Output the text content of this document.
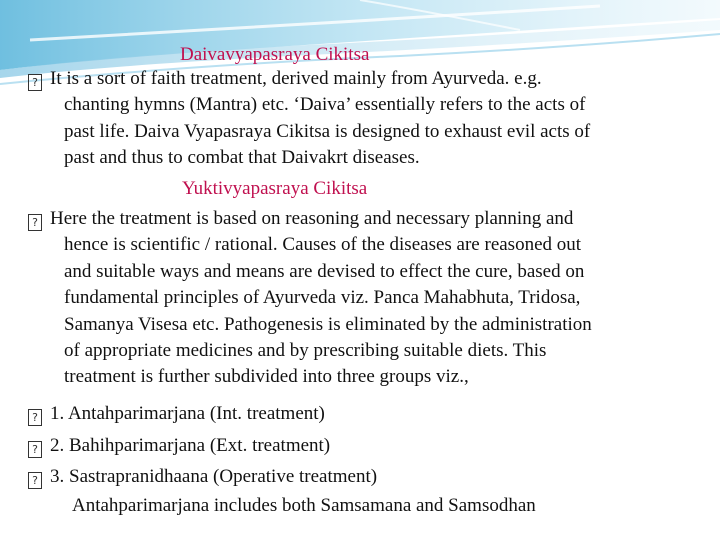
Daivavyapasraya Cikitsa
? It is a sort of faith treatment, derived mainly from Ayurveda. e.g.
chanting hymns (Mantra) etc. ‘Daiva’ essentially refers to the acts of
past life. Daiva Vyapasraya Cikitsa is designed to exhaust evil acts of
past and thus to combat that Daivakrt diseases.
Yuktivyapasraya Cikitsa
? Here the treatment is based on reasoning and necessary planning and
hence is scientific / rational. Causes of the diseases are reasoned out
and suitable ways and means are devised to effect the cure, based on
fundamental principles of Ayurveda viz. Panca Mahabhuta, Tridosa,
Samanya Visesa etc. Pathogenesis is eliminated by the administration
of appropriate medicines and by prescribing suitable diets. This
treatment is further subdivided into three groups viz.,
? 1. Antahparimarjana (Int. treatment)
? 2. Bahihparimarjana (Ext. treatment)
? 3. Sastrapranidhaana (Operative treatment)
Antahparimarjana includes both Samsamana and Samsodhan
